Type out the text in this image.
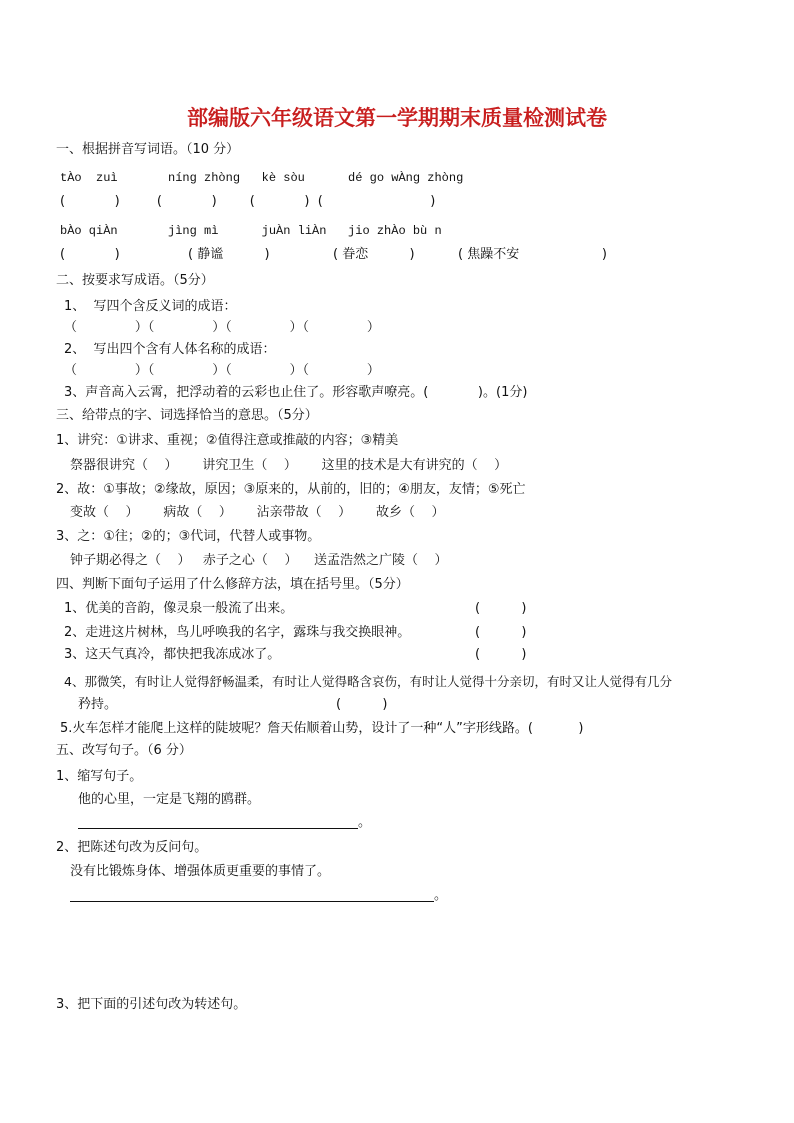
部编版六年级语文第一学期期末质量检测试卷
一、根据拼音写词语。（10 分）
tÀo  zuì       níng zhòng   kè sòu      dé go wÀng zhòng
(            )         (            )        (            )  (                          )
bÀo qiÀn       jìng mì      juÀn liÀn   jio zhÀo bù n
(            )	( 静谧          )	( 眷恋          )	( 焦躁不安                    )
二、按要求写成语。（5分）
1、  写四个含反义词的成语：
（              ）（              ）（              ）（              ）
2、  写出四个含有人体名称的成语：
（              ）（              ）（              ）（              ）
3、声音高入云霄，把浮动着的云彩也止住了。形容歌声嘹亮。(            )。(1分)
三、给带点的字、词选择恰当的意思。（5分）
1、讲究：①讲求、重视；②值得注意或推敲的内容；③精美
祭器很讲究（    ）      讲究卫生（    ）      这里的技术是大有讲究的（    ）
2、故：①事故；②缘故，原因；③原来的，从前的，旧的；④朋友，友情；⑤死亡
变故（    ）      病故（    ）      沾亲带故（    ）      故乡（    ）
3、之：①往；②的；③代词，代替人或事物。
钟子期必得之（    ）   赤子之心（    ）    送孟浩然之广陵（    ）
四、判断下面句子运用了什么修辞方法，填在括号里。（5分）
1、优美的音韵，像灵泉一般流了出来。	(          )
2、走进这片树林，鸟儿呼唤我的名字，露珠与我交换眼神。	(          )
3、这天气真冷，都快把我冻成冰了。	(          )
4、那微笑，有时让人觉得舒畅温柔，有时让人觉得略含哀伤，有时让人觉得十分亲切，有时又让人觉得有几分
矜持。	(          )
5.火车怎样才能爬上这样的陡坡呢？詹天佑顺着山势，设计了一种“人”字形线路。(           )
五、改写句子。（6 分）
1、缩写句子。
他的心里，一定是飞翔的鸥群。
。
2、把陈述句改为反问句。
没有比锻炼身体、增强体质更重要的事情了。
。
3、把下面的引述句改为转述句。
